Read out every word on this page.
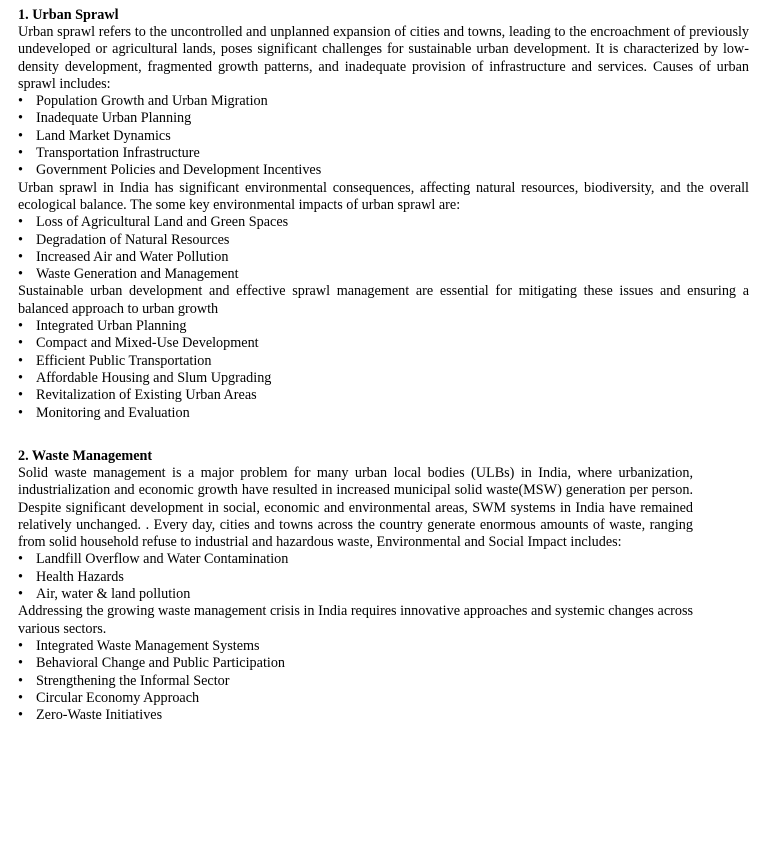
1. Urban Sprawl

Urban sprawl refers to the uncontrolled and unplanned expansion of cities and towns, leading to the encroachment of previously undeveloped or agricultural lands, poses significant challenges for sustainable urban development. It is characterized by low-density development, fragmented growth patterns, and inadequate provision of infrastructure and services. Causes of urban sprawl includes:

• Population Growth and Urban Migration
• Inadequate Urban Planning
• Land Market Dynamics
• Transportation Infrastructure
• Government Policies and Development Incentives

Urban sprawl in India has significant environmental consequences, affecting natural resources, biodiversity, and the overall ecological balance. The some key environmental impacts of urban sprawl are:

• Loss of Agricultural Land and Green Spaces
• Degradation of Natural Resources
• Increased Air and Water Pollution
• Waste Generation and Management

Sustainable urban development and effective sprawl management are essential for mitigating these issues and ensuring a balanced approach to urban growth

• Integrated Urban Planning
• Compact and Mixed-Use Development
• Efficient Public Transportation
• Affordable Housing and Slum Upgrading
• Revitalization of Existing Urban Areas
• Monitoring and Evaluation
2. Waste Management

Solid waste management is a major problem for many urban local bodies (ULBs) in India, where urbanization, industrialization and economic growth have resulted in increased municipal solid waste(MSW) generation per person. Despite significant development in social, economic and environmental areas, SWM systems in India have remained relatively unchanged. . Every day, cities and towns across the country generate enormous amounts of waste, ranging from solid household refuse to industrial and hazardous waste, Environmental and Social Impact includes:

• Landfill Overflow and Water Contamination
• Health Hazards
• Air, water & land pollution

Addressing the growing waste management crisis in India requires innovative approaches and systemic changes across various sectors.

• Integrated Waste Management Systems
• Behavioral Change and Public Participation
• Strengthening the Informal Sector
• Circular Economy Approach
• Zero-Waste Initiatives
